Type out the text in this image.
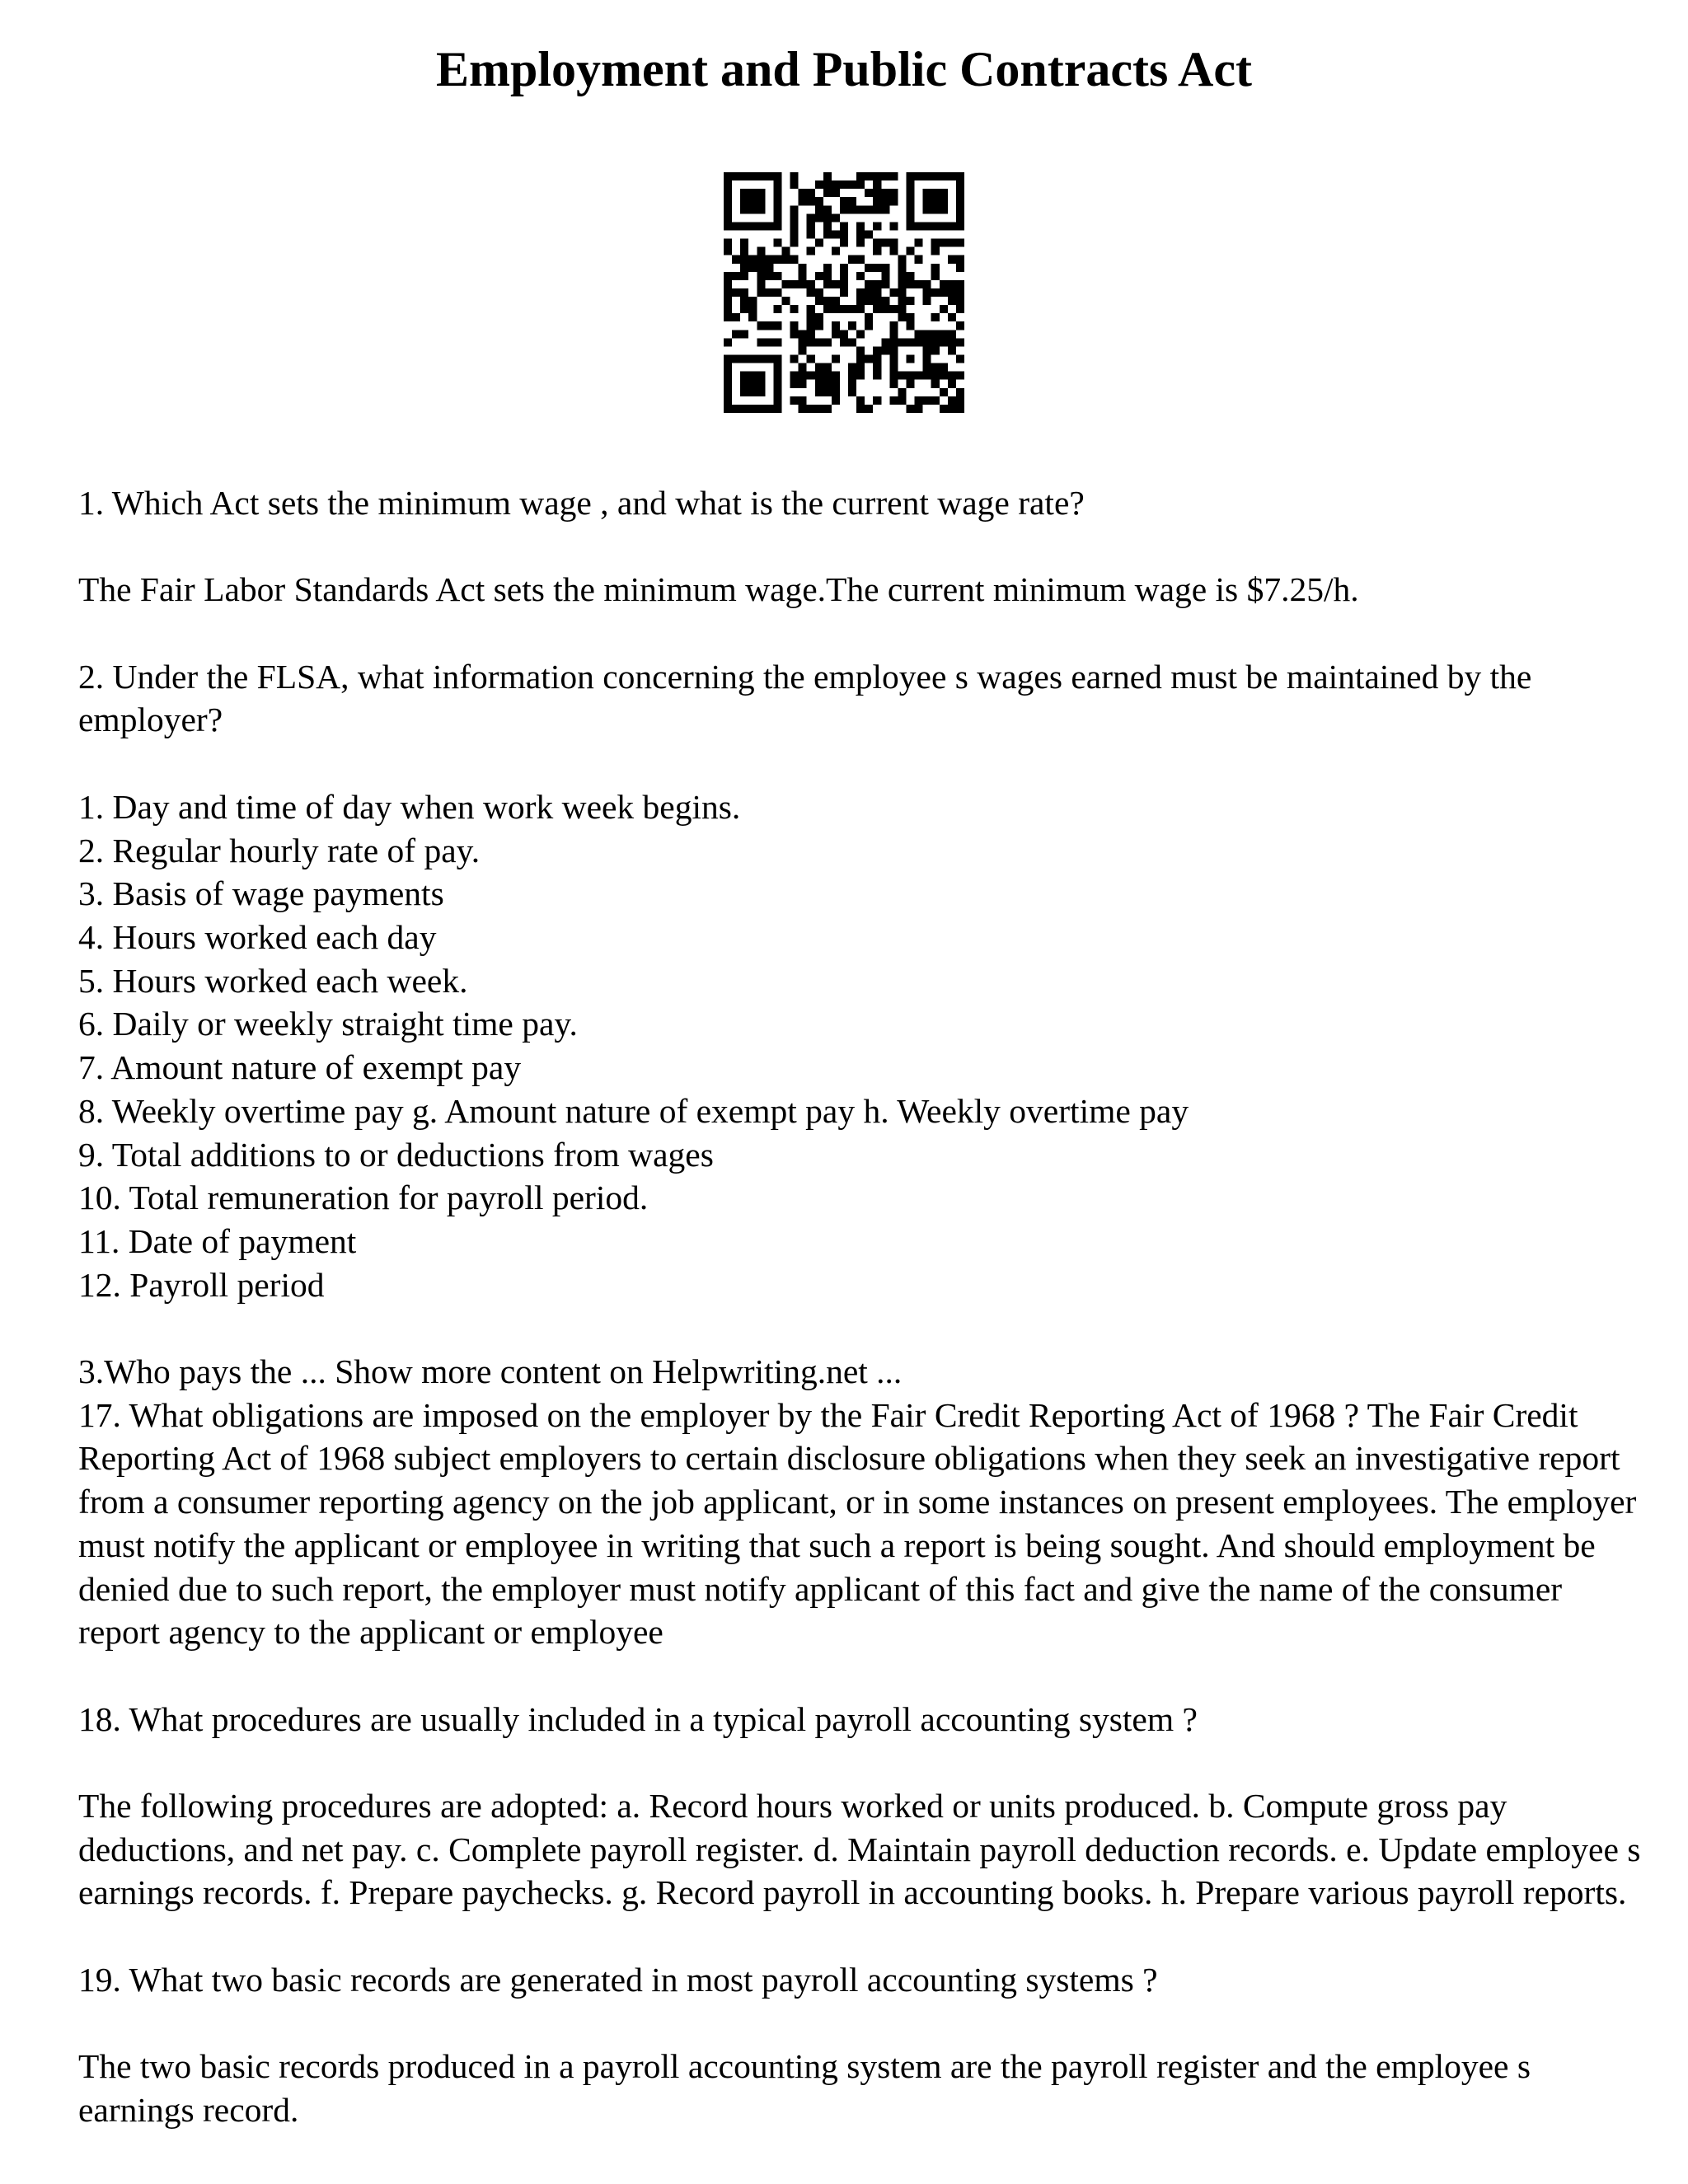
Employment and Public Contracts Act

1. Which Act sets the minimum wage , and what is the current wage rate?

The Fair Labor Standards Act sets the minimum wage.The current minimum wage is $7.25/h.

2. Under the FLSA, what information concerning the employee s wages earned must be maintained by the employer?

1. Day and time of day when work week begins.
2. Regular hourly rate of pay.
3. Basis of wage payments
4. Hours worked each day
5. Hours worked each week.
6. Daily or weekly straight time pay.
7. Amount nature of exempt pay
8. Weekly overtime pay g. Amount nature of exempt pay h. Weekly overtime pay
9. Total additions to or deductions from wages
10. Total remuneration for payroll period.
11. Date of payment
12. Payroll period

3.Who pays the ... Show more content on Helpwriting.net ...

17. What obligations are imposed on the employer by the Fair Credit Reporting Act of 1968 ? The Fair Credit Reporting Act of 1968 subject employers to certain disclosure obligations when they seek an investigative report from a consumer reporting agency on the job applicant, or in some instances on present employees. The employer must notify the applicant or employee in writing that such a report is being sought. And should employment be denied due to such report, the employer must notify applicant of this fact and give the name of the consumer report agency to the applicant or employee

18. What procedures are usually included in a typical payroll accounting system ?

The following procedures are adopted: a. Record hours worked or units produced. b. Compute gross pay deductions, and net pay. c. Complete payroll register. d. Maintain payroll deduction records. e. Update employee s earnings records. f. Prepare paychecks. g. Record payroll in accounting books. h. Prepare various payroll reports.

19. What two basic records are generated in most payroll accounting systems ?

The two basic records produced in a payroll accounting system are the payroll register and the employee s earnings record.
